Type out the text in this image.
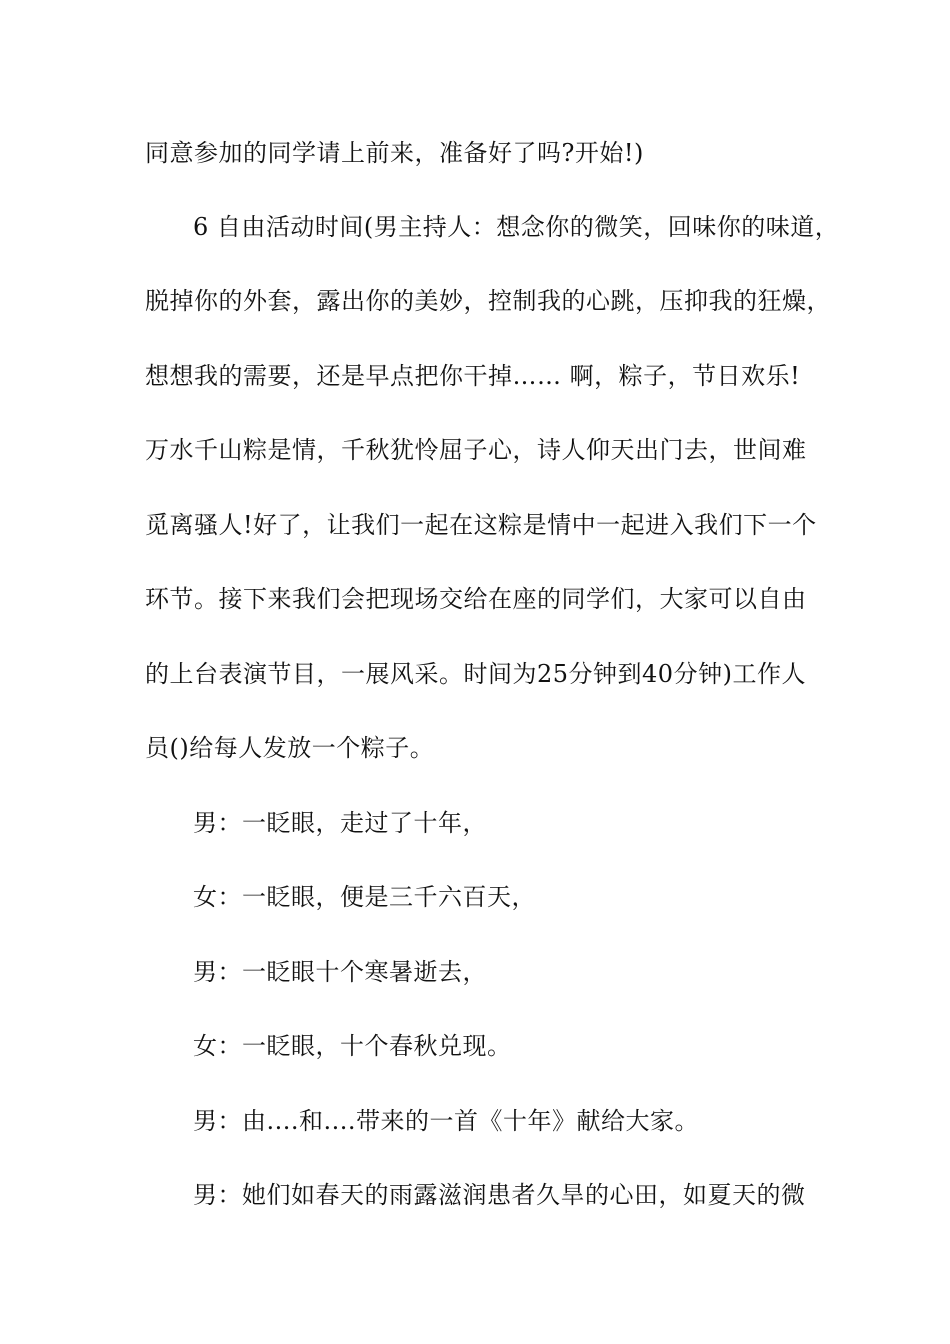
同意参加的同学请上前来，准备好了吗?开始!)
6 自由活动时间(男主持人：想念你的微笑，回味你的味道，
脱掉你的外套，露出你的美妙，控制我的心跳，压抑我的狂燥，
想想我的需要，还是早点把你干掉…… 啊，粽子，节日欢乐!
万水千山粽是情，千秋犹怜屈子心，诗人仰天出门去，世间难
觅离骚人!好了，让我们一起在这粽是情中一起进入我们下一个
环节。接下来我们会把现场交给在座的同学们，大家可以自由
的上台表演节目，一展风采。时间为25分钟到40分钟)工作人
员()给每人发放一个粽子。
男：一眨眼，走过了十年，
女：一眨眼，便是三千六百天，
男：一眨眼十个寒暑逝去，
女：一眨眼，十个春秋兑现。
男：由....和....带来的一首《十年》献给大家。
男：她们如春天的雨露滋润患者久旱的心田，如夏天的微
